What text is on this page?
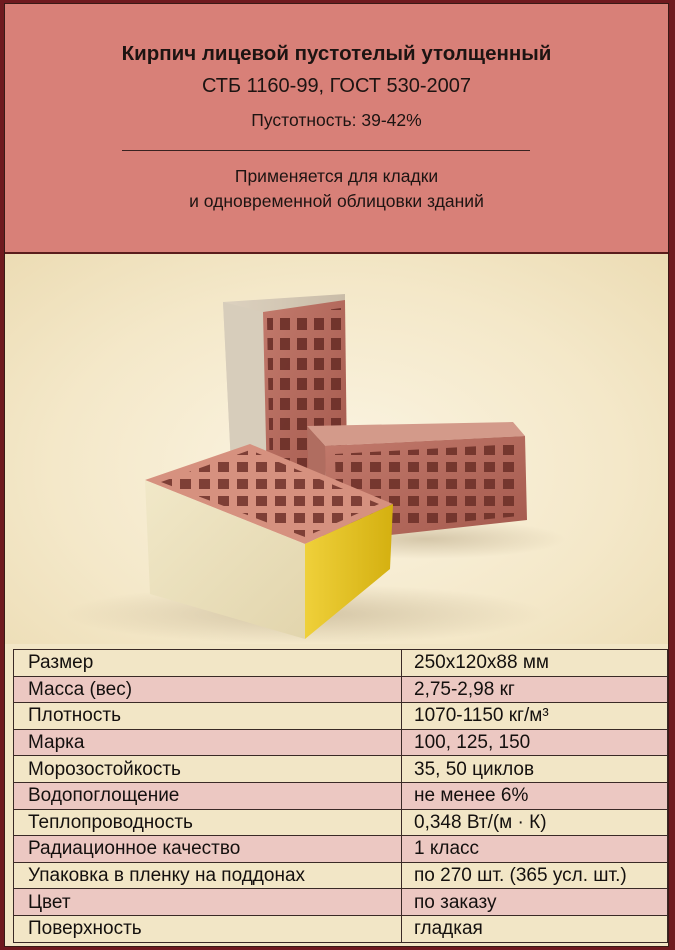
Кирпич лицевой пустотелый утолщенный
СТБ 1160-99, ГОСТ 530-2007
Пустотность: 39-42%
Применяется для кладки
и одновременной облицовки зданий
Размер	250х120х88 мм
Масса (вес)	2,75-2,98 кг
Плотность	1070-1150 кг/м³
Марка	100, 125, 150
Морозостойкость	35, 50 циклов
Водопоглощение	не менее 6%
Теплопроводность	0,348 Вт/(м · К)
Радиационное качество	1 класс
Упаковка в пленку на поддонах	по 270 шт. (365 усл. шт.)
Цвет	по заказу
Поверхность	гладкая
